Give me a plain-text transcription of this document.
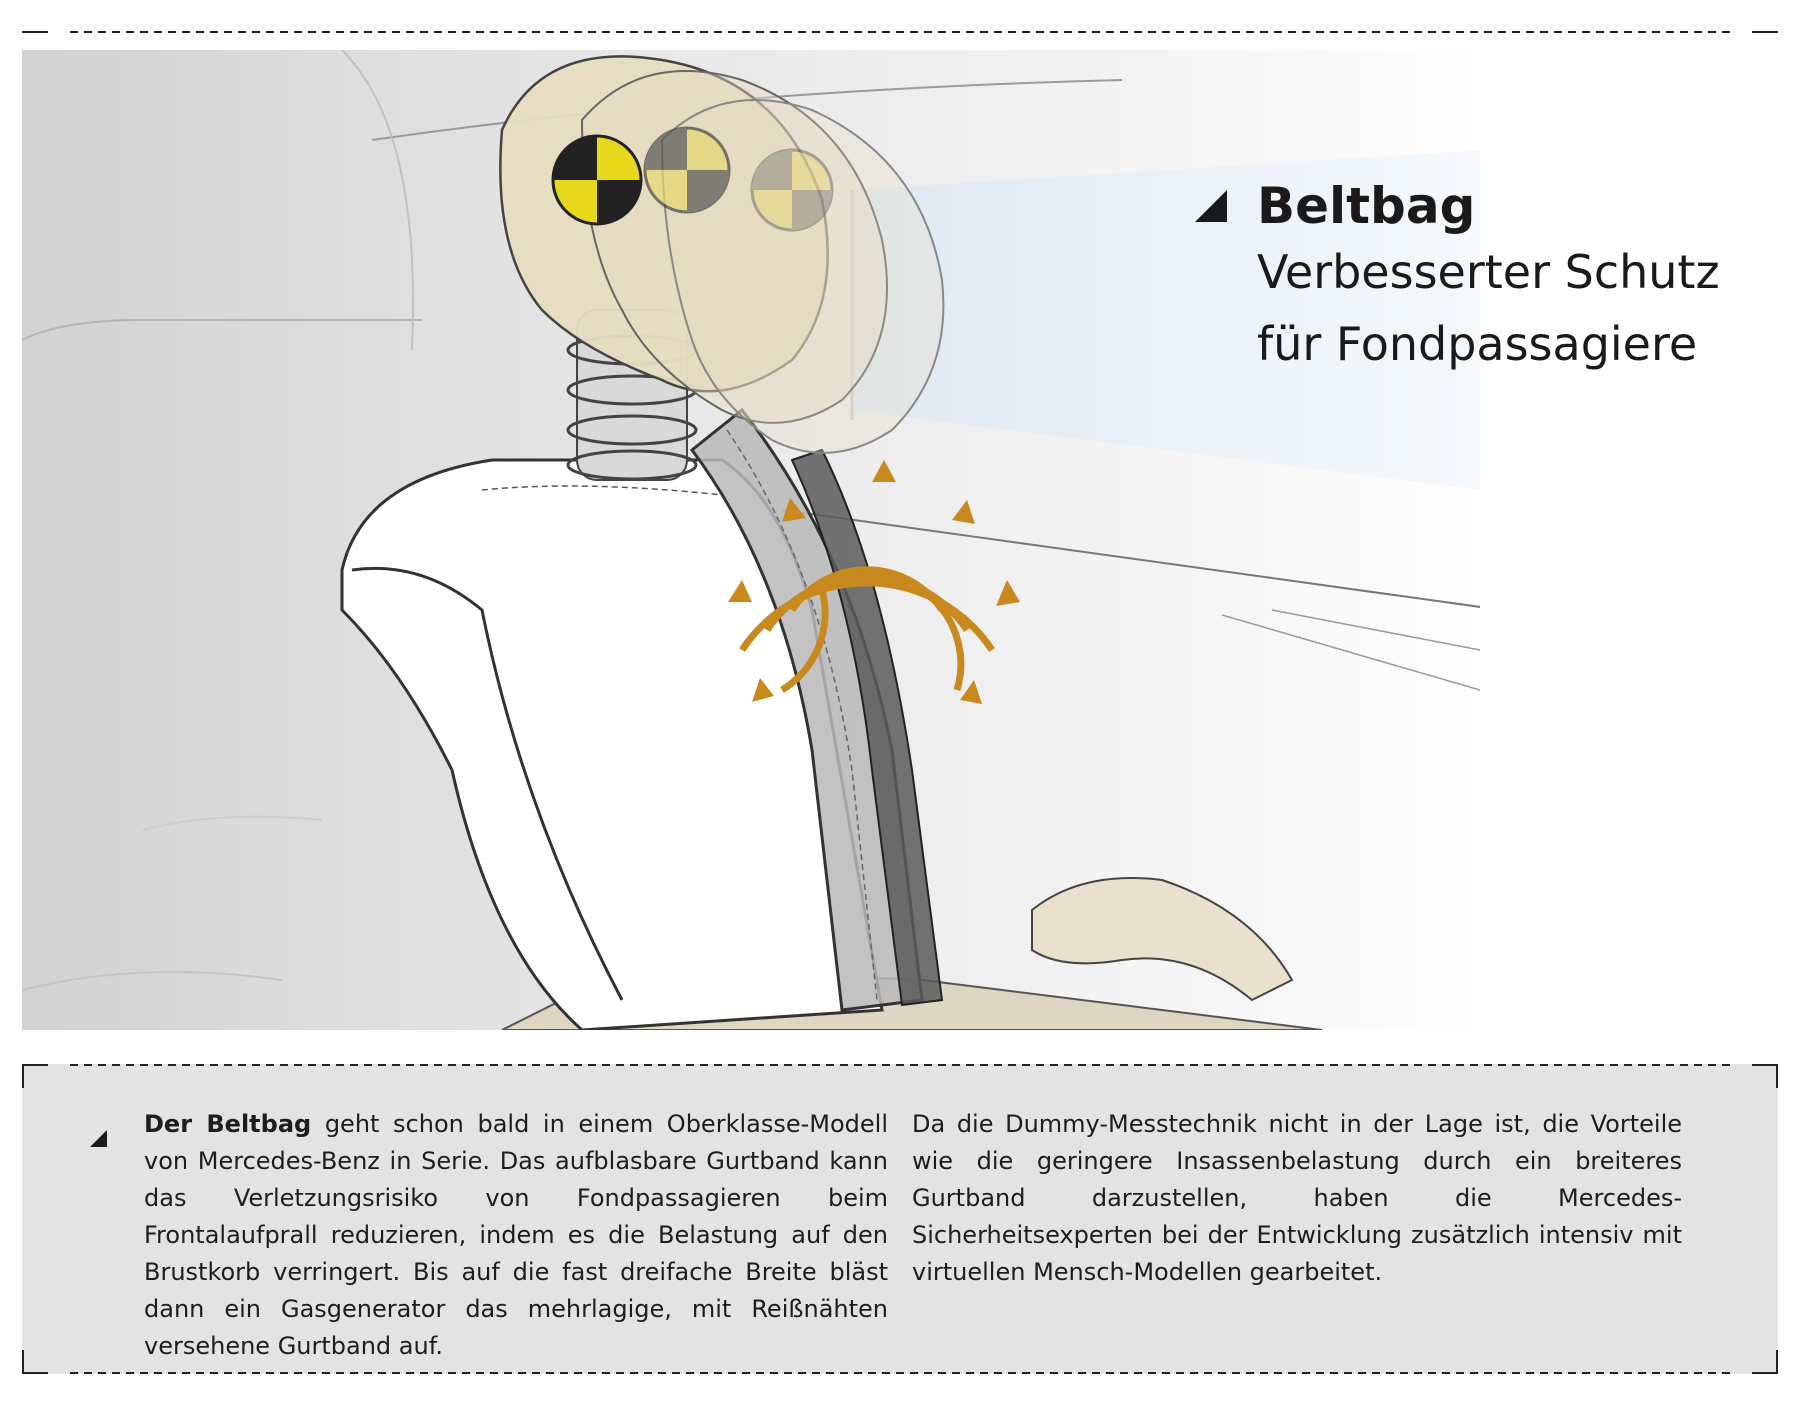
Beltbag
Verbesserter Schutz
für Fondpassagiere
Der Beltbag geht schon bald in einem Oberklasse-Modell von Mercedes-Benz in Serie. Das aufblasbare Gurtband kann das Verletzungsrisiko von Fondpassagieren beim Frontalaufprall reduzieren, indem es die Belastung auf den Brustkorb verringert. Bis auf die fast dreifache Breite bläst dann ein Gasgenerator das mehrlagige, mit Reißnähten versehene Gurtband auf.
Da die Dummy-Messtechnik nicht in der Lage ist, die Vorteile wie die geringere Insassenbelastung durch ein breiteres Gurtband darzustellen, haben die Mercedes-Sicherheitsexperten bei der Entwicklung zusätzlich intensiv mit virtuellen Mensch-Modellen gearbeitet.
